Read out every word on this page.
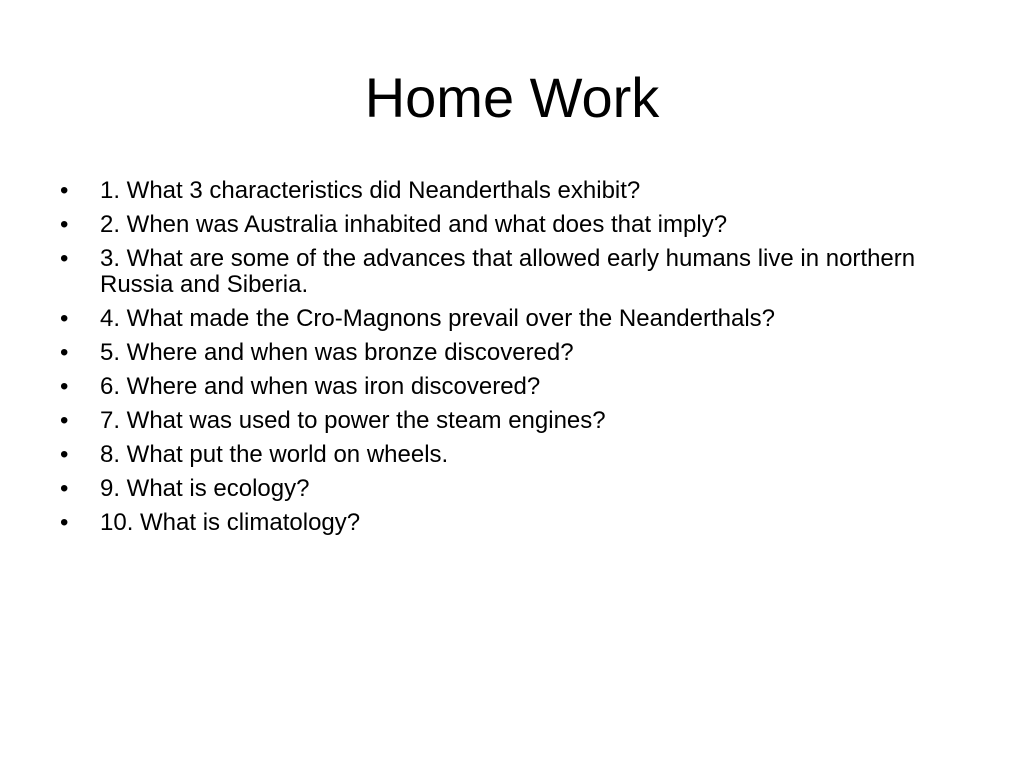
Home Work
• 1. What 3 characteristics did Neanderthals exhibit?
• 2. When was Australia inhabited and what does that imply?
• 3. What are some of the advances that allowed early humans live in northern Russia and Siberia.
• 4. What made the Cro-Magnons prevail over the Neanderthals?
• 5. Where and when was bronze discovered?
• 6. Where and when was iron discovered?
• 7. What was used to power the steam engines?
• 8. What put the world on wheels.
• 9. What is ecology?
• 10. What is climatology?
